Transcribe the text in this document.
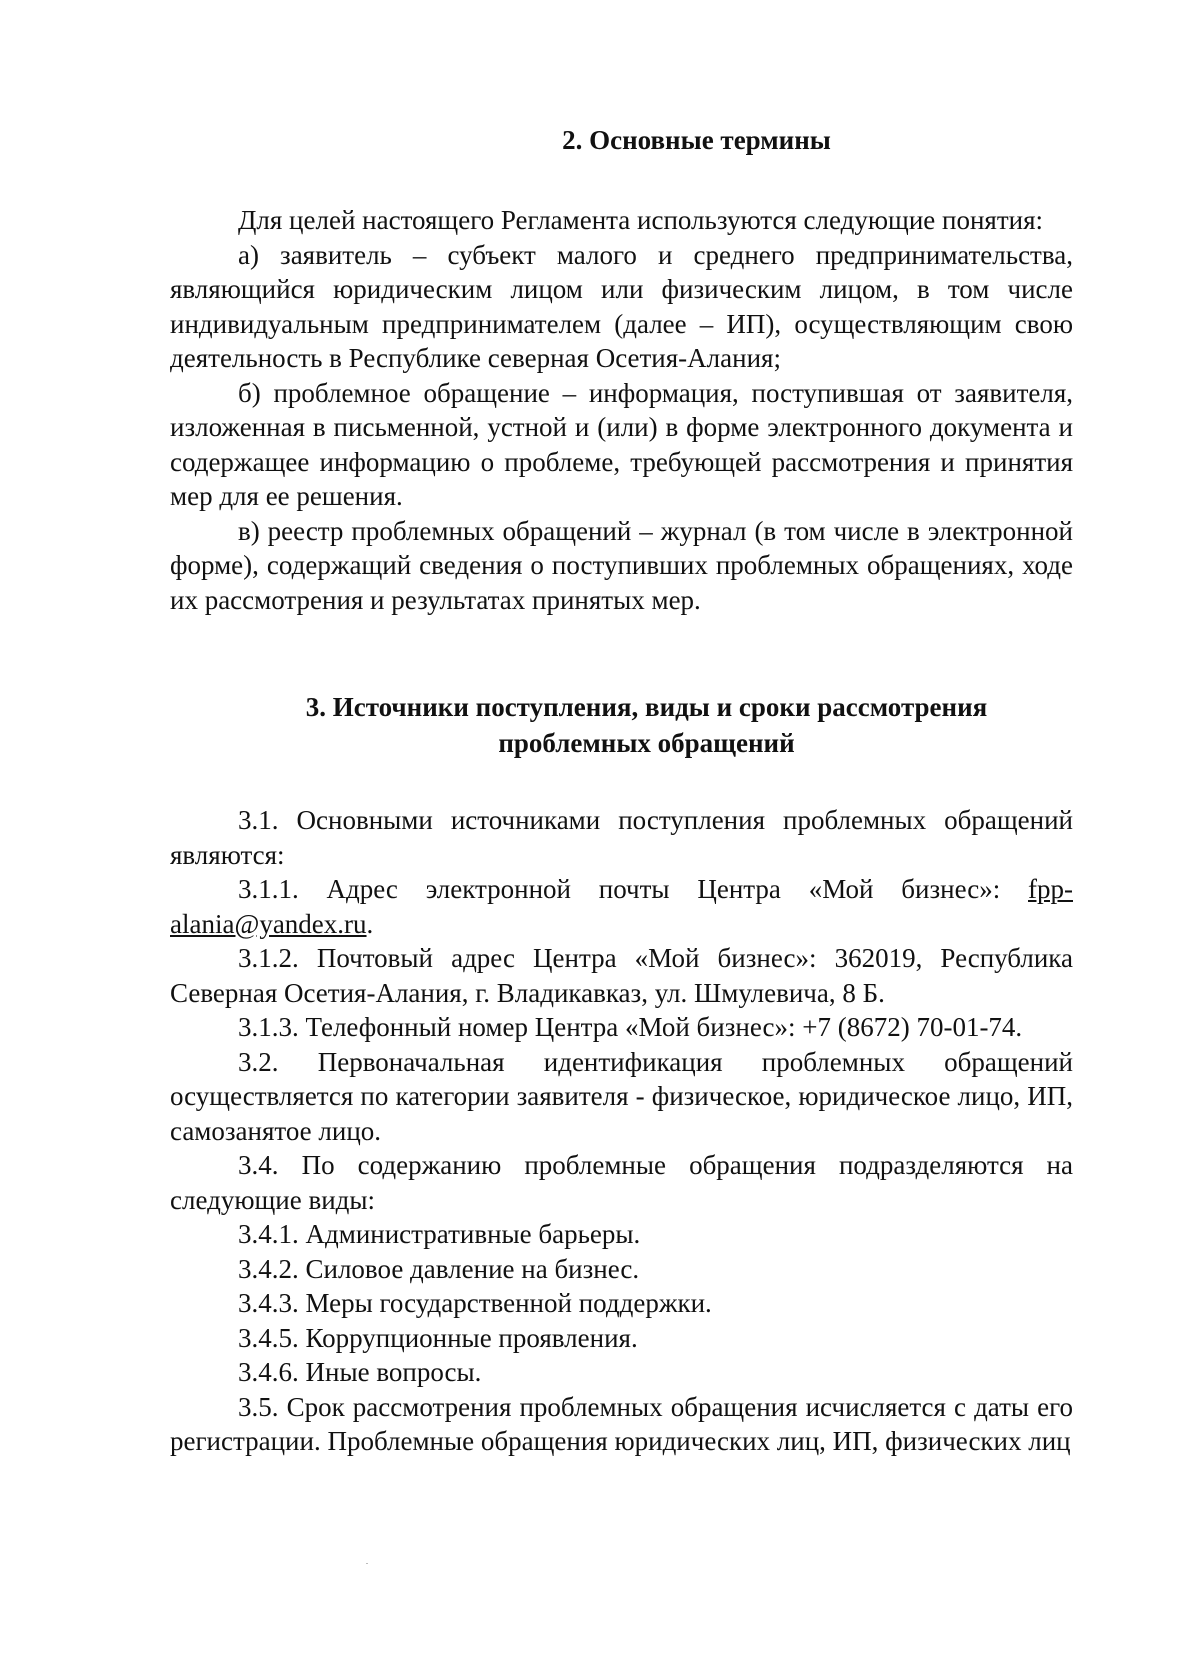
2. Основные термины

Для целей настоящего Регламента используются следующие понятия:

а) заявитель – субъект малого и среднего предпринимательства, являющийся юридическим лицом или физическим лицом, в том числе индивидуальным предпринимателем (далее – ИП), осуществляющим свою деятельность в Республике северная Осетия-Алания;

б) проблемное обращение – информация, поступившая от заявителя, изложенная в письменной, устной и (или) в форме электронного документа и содержащее информацию о проблеме, требующей рассмотрения и принятия мер для ее решения.

в) реестр проблемных обращений – журнал (в том числе в электронной форме), содержащий сведения о поступивших проблемных обращениях, ходе их рассмотрения и результатах принятых мер.

3. Источники поступления, виды и сроки рассмотрения
проблемных обращений

3.1. Основными источниками поступления проблемных обращений являются:

3.1.1. Адрес электронной почты Центра «Мой бизнес»: fpp-alania@yandex.ru.

3.1.2. Почтовый адрес Центра «Мой бизнес»: 362019, Республика Северная Осетия-Алания, г. Владикавказ, ул. Шмулевича, 8 Б.

3.1.3. Телефонный номер Центра «Мой бизнес»: +7 (8672) 70-01-74.

3.2. Первоначальная идентификация проблемных обращений осуществляется по категории заявителя - физическое, юридическое лицо, ИП, самозанятое лицо.

3.4. По содержанию проблемные обращения подразделяются на следующие виды:

3.4.1. Административные барьеры.

3.4.2. Силовое давление на бизнес.

3.4.3. Меры государственной поддержки.

3.4.5. Коррупционные проявления.

3.4.6. Иные вопросы.

3.5. Срок рассмотрения проблемных обращения исчисляется с даты его регистрации. Проблемные обращения юридических лиц, ИП, физических лиц
